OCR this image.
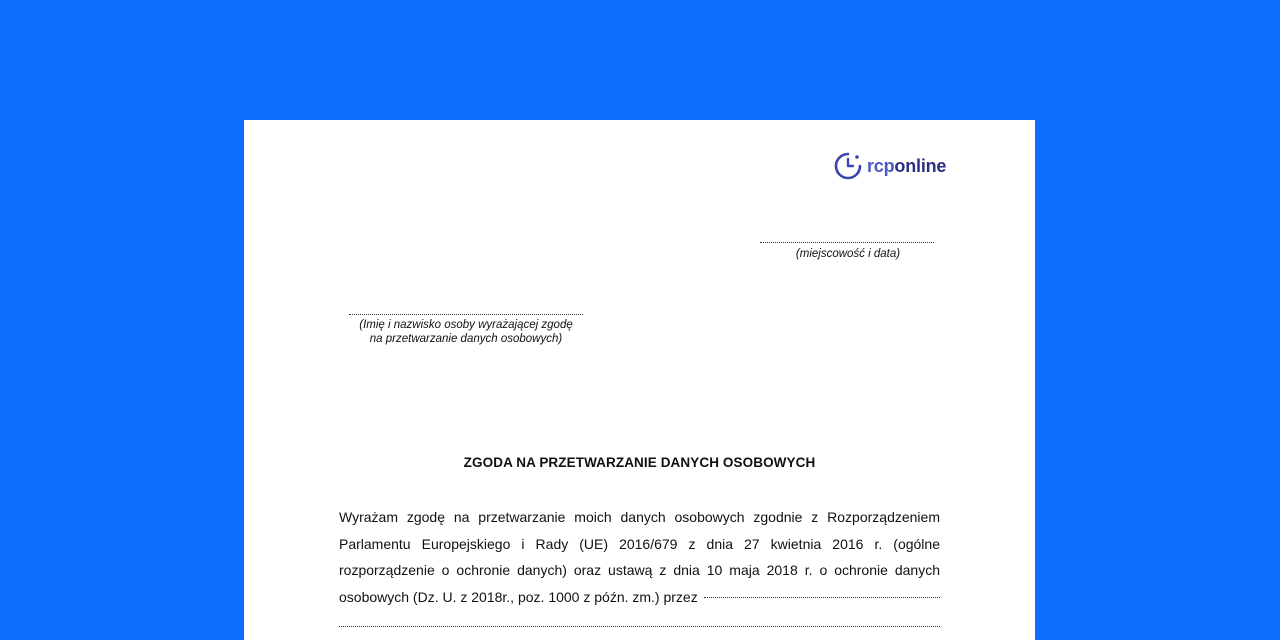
rcponline
(miejscowość i data)
(Imię i nazwisko osoby wyrażającej zgodę
na przetwarzanie danych osobowych)
ZGODA NA PRZETWARZANIE DANYCH OSOBOWYCH
Wyrażam zgodę na przetwarzanie moich danych osobowych zgodnie z Rozporządzeniem
Parlamentu Europejskiego i Rady (UE) 2016/679 z dnia 27 kwietnia 2016 r. (ogólne
rozporządzenie o ochronie danych) oraz ustawą z dnia 10 maja 2018 r. o ochronie danych
osobowych (Dz. U. z 2018r., poz. 1000 z późn. zm.) przez
